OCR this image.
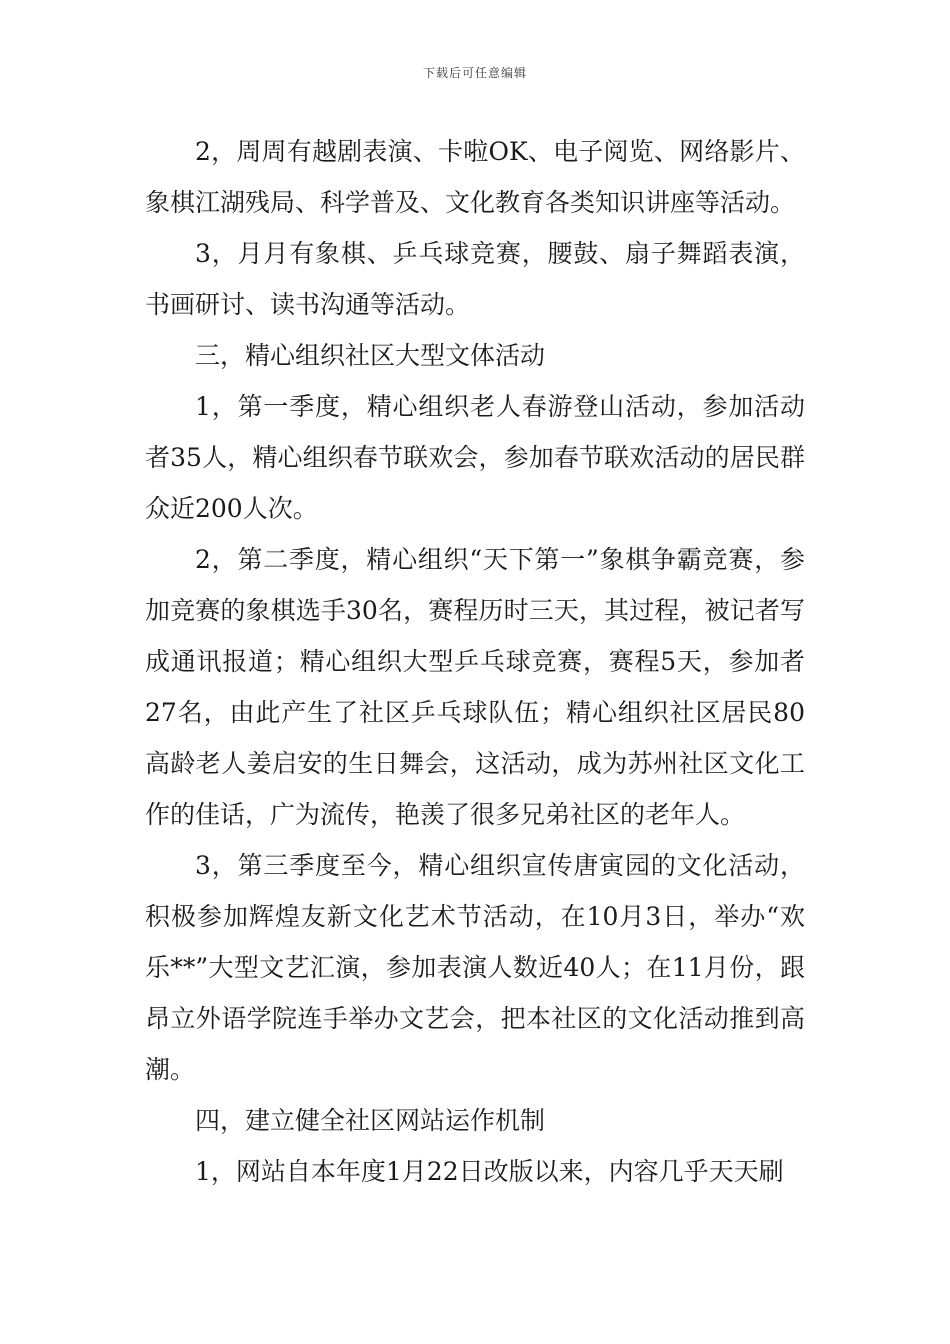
下载后可任意编辑

2，周周有越剧表演、卡啦OK、电子阅览、网络影片、象棋江湖残局、科学普及、文化教育各类知识讲座等活动。

3，月月有象棋、乒乓球竞赛，腰鼓、扇子舞蹈表演，书画研讨、读书沟通等活动。

三，精心组织社区大型文体活动

1，第一季度，精心组织老人春游登山活动，参加活动者35人，精心组织春节联欢会，参加春节联欢活动的居民群众近200人次。

2，第二季度，精心组织“天下第一”象棋争霸竞赛，参加竞赛的象棋选手30名，赛程历时三天，其过程，被记者写成通讯报道；精心组织大型乒乓球竞赛，赛程5天，参加者27名，由此产生了社区乒乓球队伍；精心组织社区居民80高龄老人姜启安的生日舞会，这活动，成为苏州社区文化工作的佳话，广为流传，艳羡了很多兄弟社区的老年人。

3，第三季度至今，精心组织宣传唐寅园的文化活动，积极参加辉煌友新文化艺术节活动，在10月3日，举办“欢乐**”大型文艺汇演，参加表演人数近40人；在11月份，跟昂立外语学院连手举办文艺会，把本社区的文化活动推到高潮。

四，建立健全社区网站运作机制

1，网站自本年度1月22日改版以来，内容几乎天天刷
